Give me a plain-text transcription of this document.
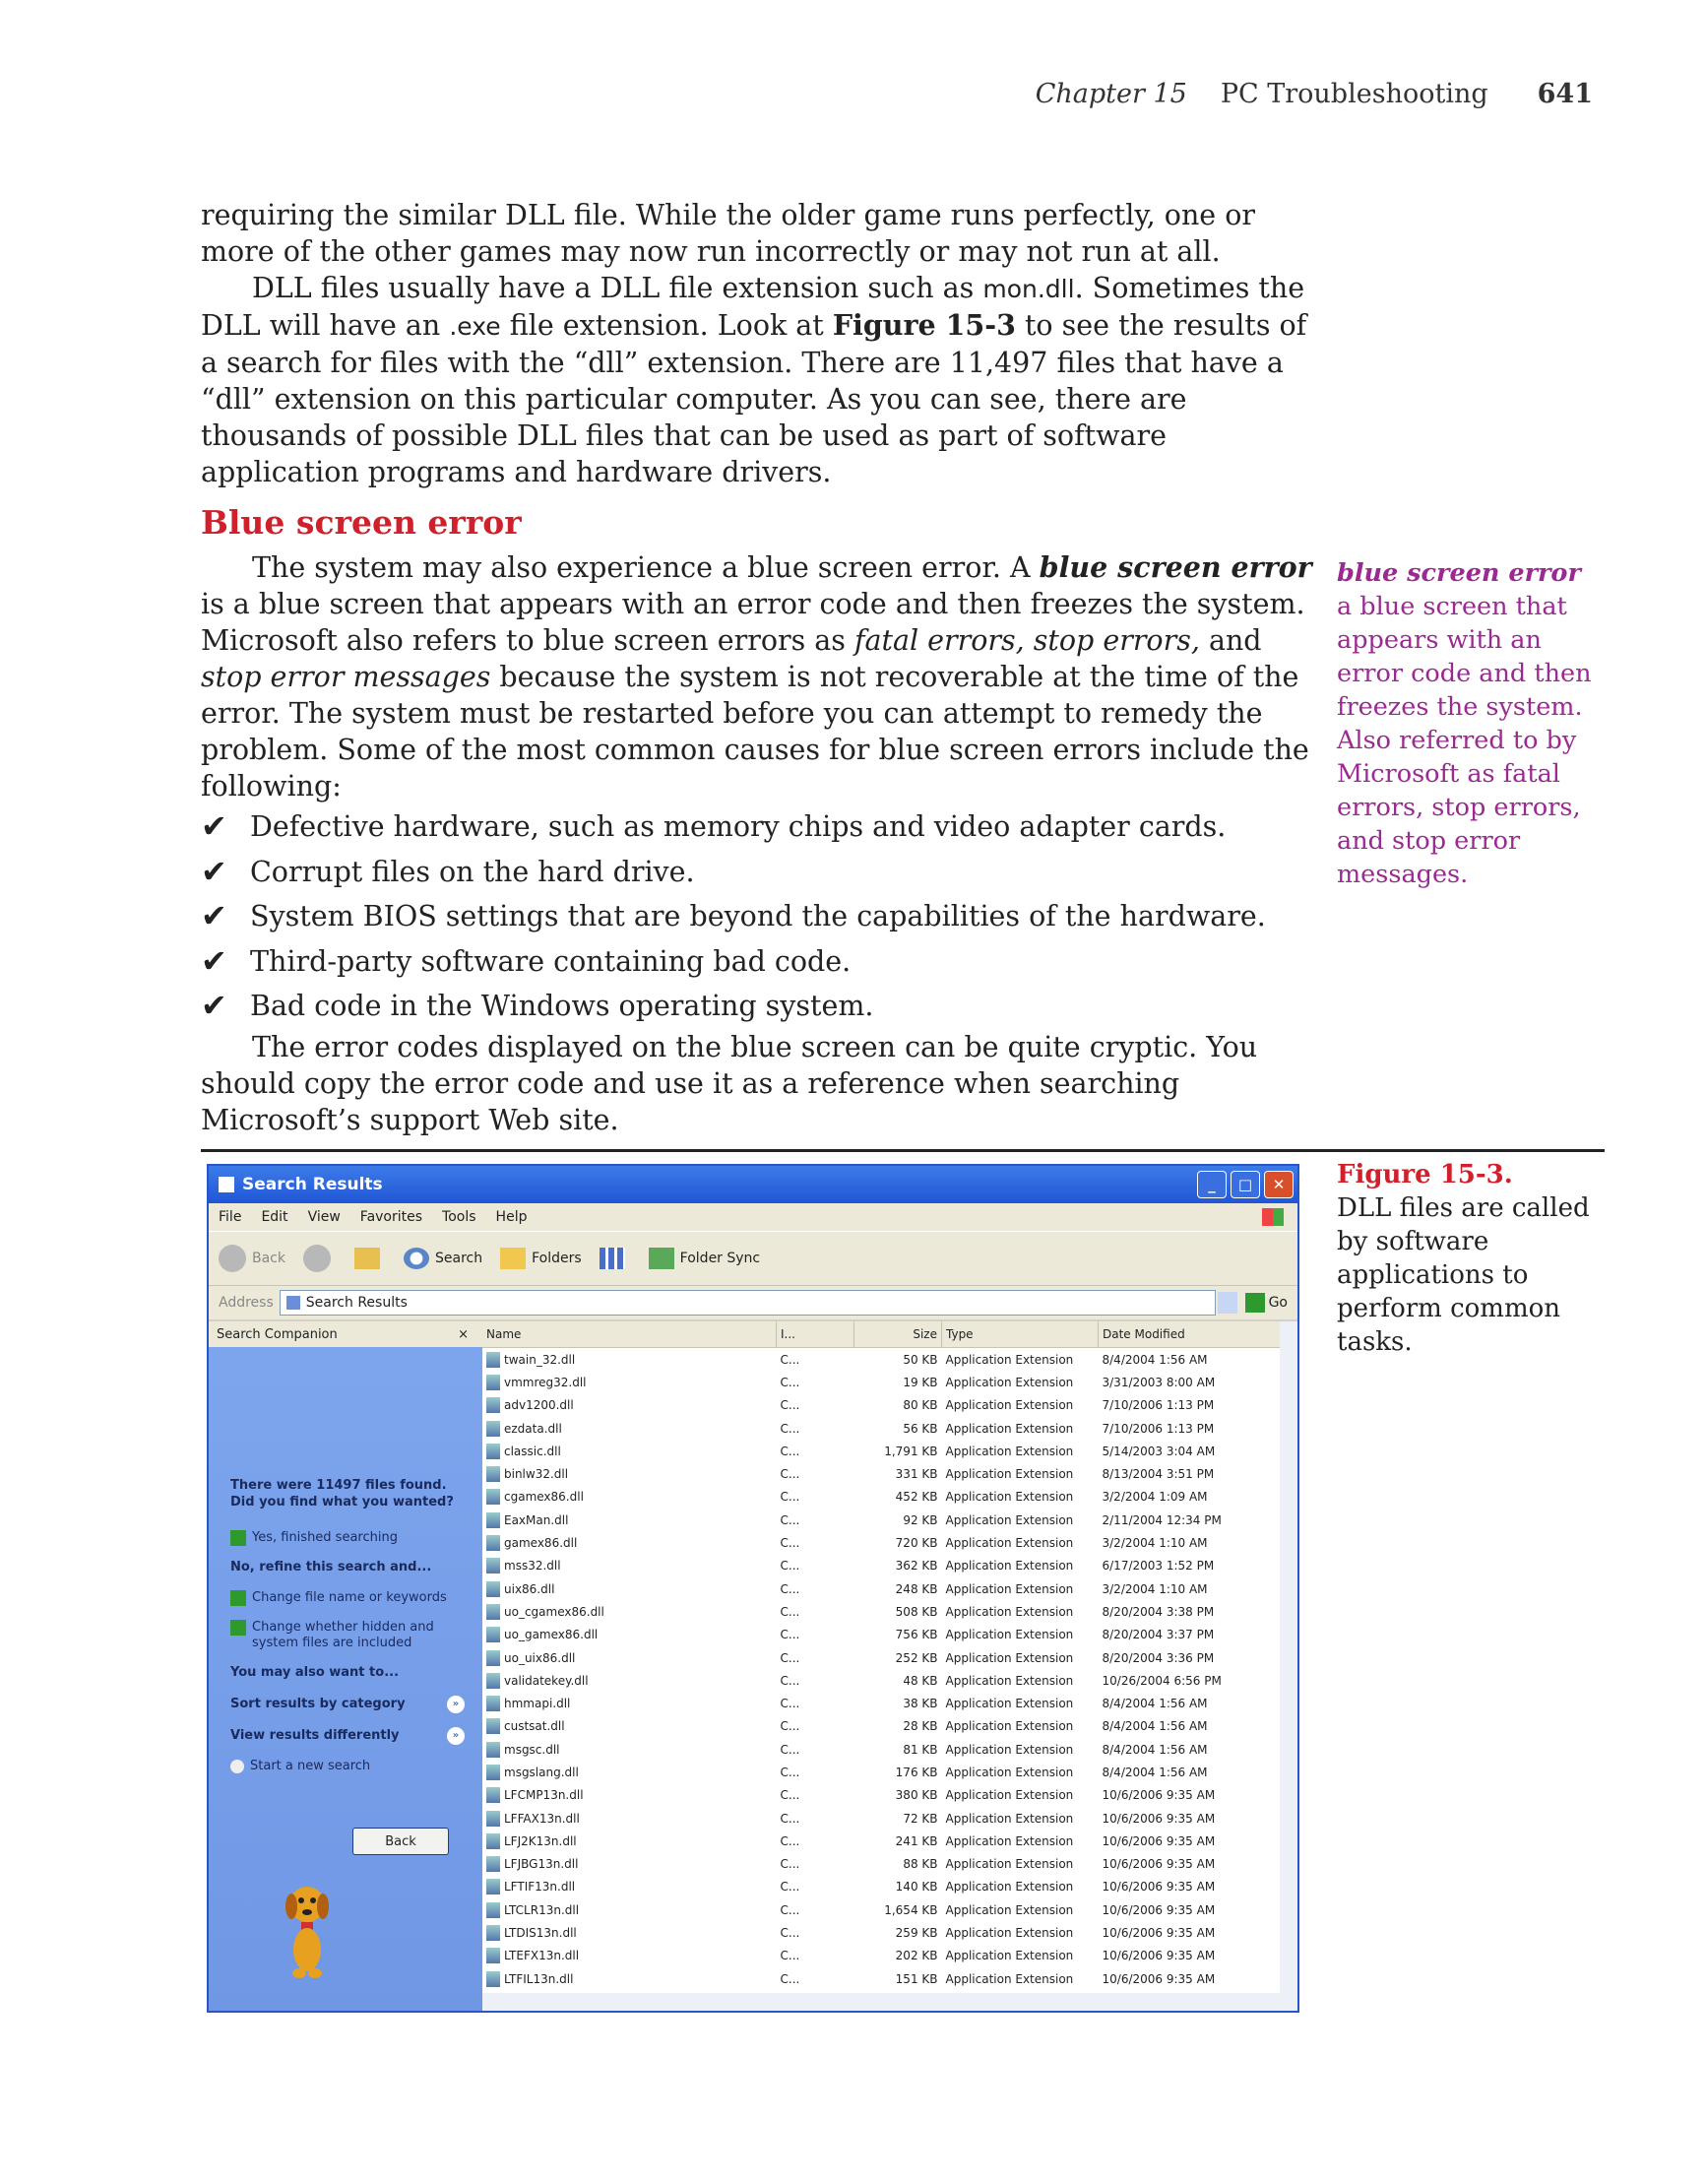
Chapter 15 PC Troubleshooting 641

requiring the similar DLL file. While the older game runs perfectly, one or more of the other games may now run incorrectly or may not run at all.

DLL files usually have a DLL file extension such as mon.dll. Sometimes the DLL will have an .exe file extension. Look at Figure 15-3 to see the results of a search for files with the “dll” extension. There are 11,497 files that have a “dll” extension on this particular computer. As you can see, there are thousands of possible DLL files that can be used as part of software application programs and hardware drivers.

Blue screen error

The system may also experience a blue screen error. A blue screen error is a blue screen that appears with an error code and then freezes the system. Microsoft also refers to blue screen errors as fatal errors, stop errors, and stop error messages because the system is not recoverable at the time of the error. The system must be restarted before you can attempt to remedy the problem. Some of the most common causes for blue screen errors include the following:

✔ Defective hardware, such as memory chips and video adapter cards.
✔ Corrupt files on the hard drive.
✔ System BIOS settings that are beyond the capabilities of the hardware.
✔ Third-party software containing bad code.
✔ Bad code in the Windows operating system.

The error codes displayed on the blue screen can be quite cryptic. You should copy the error code and use it as a reference when searching Microsoft’s support Web site.

blue screen error
a blue screen that appears with an error code and then freezes the system. Also referred to by Microsoft as fatal errors, stop errors, and stop error messages.
Figure 15-3.
DLL files are called by software applications to perform common tasks.
Search Results	_	□	✕
File Edit View Favorites Tools Help
Back	Search	Folders	Folder Sync
Address Search Results	Go
Search Companion	×
There were 11497 files found. Did you find what you wanted?
Yes, finished searching
No, refine this search and...
Change file name or keywords
Change whether hidden and system files are included
You may also want to...
Sort results by category	»
View results differently	»
Start a new search
Back
Name	I...	Size	Type	Date Modified

twain_32.dll	C...	50 KB	Application Extension	8/4/2004 1:56 AM

vmmreg32.dll	C...	19 KB	Application Extension	3/31/2003 8:00 AM

adv1200.dll	C...	80 KB	Application Extension	7/10/2006 1:13 PM

ezdata.dll	C...	56 KB	Application Extension	7/10/2006 1:13 PM

classic.dll	C...	1,791 KB	Application Extension	5/14/2003 3:04 AM

binlw32.dll	C...	331 KB	Application Extension	8/13/2004 3:51 PM

cgamex86.dll	C...	452 KB	Application Extension	3/2/2004 1:09 AM

EaxMan.dll	C...	92 KB	Application Extension	2/11/2004 12:34 PM

gamex86.dll	C...	720 KB	Application Extension	3/2/2004 1:10 AM

mss32.dll	C...	362 KB	Application Extension	6/17/2003 1:52 PM

uix86.dll	C...	248 KB	Application Extension	3/2/2004 1:10 AM

uo_cgamex86.dll	C...	508 KB	Application Extension	8/20/2004 3:38 PM

uo_gamex86.dll	C...	756 KB	Application Extension	8/20/2004 3:37 PM

uo_uix86.dll	C...	252 KB	Application Extension	8/20/2004 3:36 PM

validatekey.dll	C...	48 KB	Application Extension	10/26/2004 6:56 PM

hmmapi.dll	C...	38 KB	Application Extension	8/4/2004 1:56 AM

custsat.dll	C...	28 KB	Application Extension	8/4/2004 1:56 AM

msgsc.dll	C...	81 KB	Application Extension	8/4/2004 1:56 AM

msgslang.dll	C...	176 KB	Application Extension	8/4/2004 1:56 AM

LFCMP13n.dll	C...	380 KB	Application Extension	10/6/2006 9:35 AM

LFFAX13n.dll	C...	72 KB	Application Extension	10/6/2006 9:35 AM

LFJ2K13n.dll	C...	241 KB	Application Extension	10/6/2006 9:35 AM

LFJBG13n.dll	C...	88 KB	Application Extension	10/6/2006 9:35 AM

LFTIF13n.dll	C...	140 KB	Application Extension	10/6/2006 9:35 AM

LTCLR13n.dll	C...	1,654 KB	Application Extension	10/6/2006 9:35 AM

LTDIS13n.dll	C...	259 KB	Application Extension	10/6/2006 9:35 AM

LTEFX13n.dll	C...	202 KB	Application Extension	10/6/2006 9:35 AM

LTFIL13n.dll	C...	151 KB	Application Extension	10/6/2006 9:35 AM
